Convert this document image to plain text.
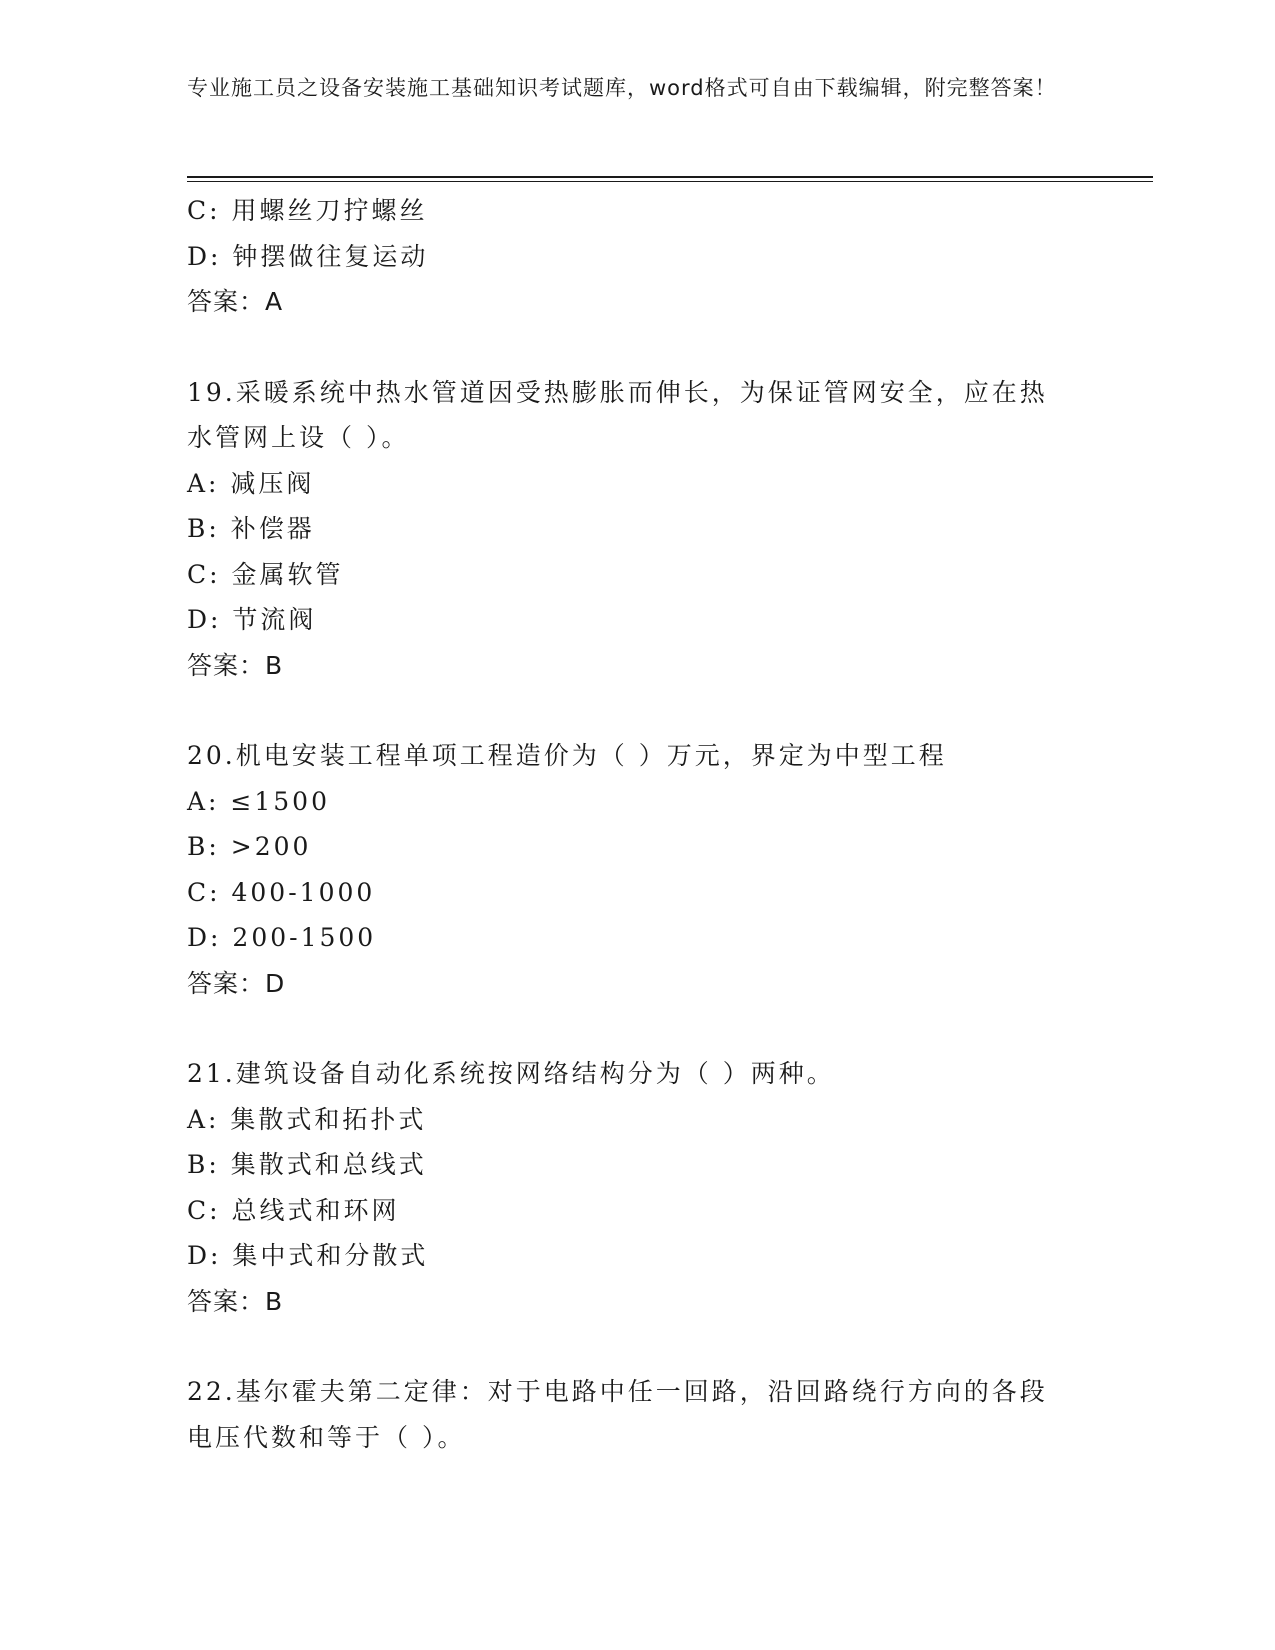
专业施工员之设备安装施工基础知识考试题库，word格式可自由下载编辑，附完整答案！
C: 用螺丝刀拧螺丝
D: 钟摆做往复运动
答案：A
19.采暖系统中热水管道因受热膨胀而伸长，为保证管网安全，应在热
水管网上设（ ）。
A: 减压阀
B: 补偿器
C: 金属软管
D: 节流阀
答案：B
20.机电安装工程单项工程造价为（ ）万元，界定为中型工程
A: ≤1500
B: >200
C: 400-1000
D: 200-1500
答案：D
21.建筑设备自动化系统按网络结构分为（ ）两种。
A: 集散式和拓扑式
B: 集散式和总线式
C: 总线式和环网
D: 集中式和分散式
答案：B
22.基尔霍夫第二定律：对于电路中任一回路，沿回路绕行方向的各段
电压代数和等于（ ）。
